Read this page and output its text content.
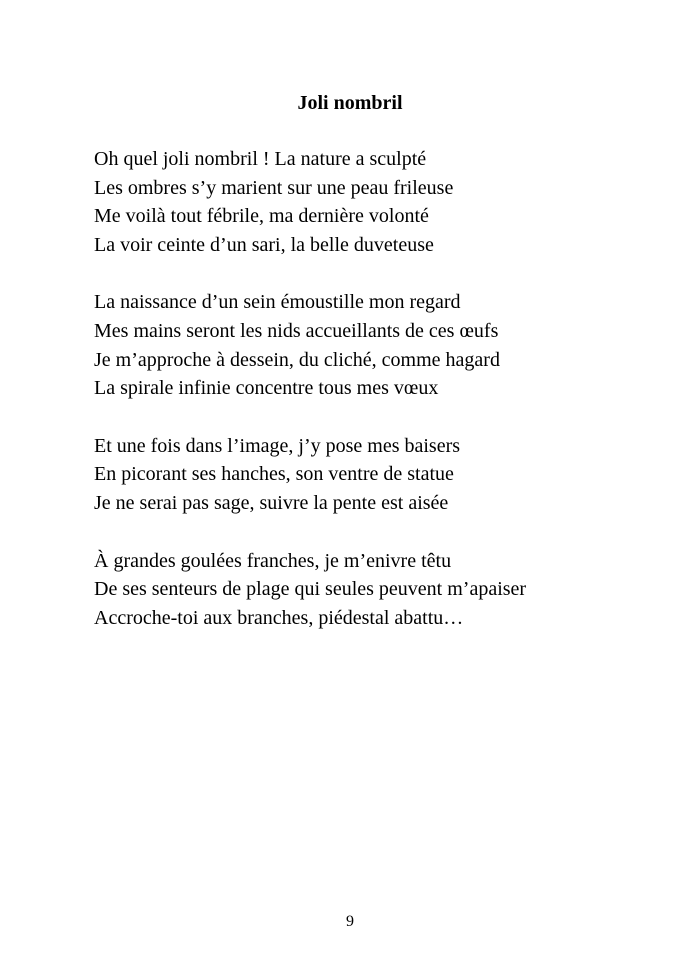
Joli nombril
Oh quel joli nombril ! La nature a sculpté
Les ombres s’y marient sur une peau frileuse
Me voilà tout fébrile, ma dernière volonté
La voir ceinte d’un sari, la belle duveteuse
La naissance d’un sein émoustille mon regard
Mes mains seront les nids accueillants de ces œufs
Je m’approche à dessein, du cliché, comme hagard
La spirale infinie concentre tous mes vœux
Et une fois dans l’image, j’y pose mes baisers
En picorant ses hanches, son ventre de statue
Je ne serai pas sage, suivre la pente est aisée
À grandes goulées franches, je m’enivre têtu
De ses senteurs de plage qui seules peuvent m’apaiser
Accroche-toi aux branches, piédestal abattu…
9
